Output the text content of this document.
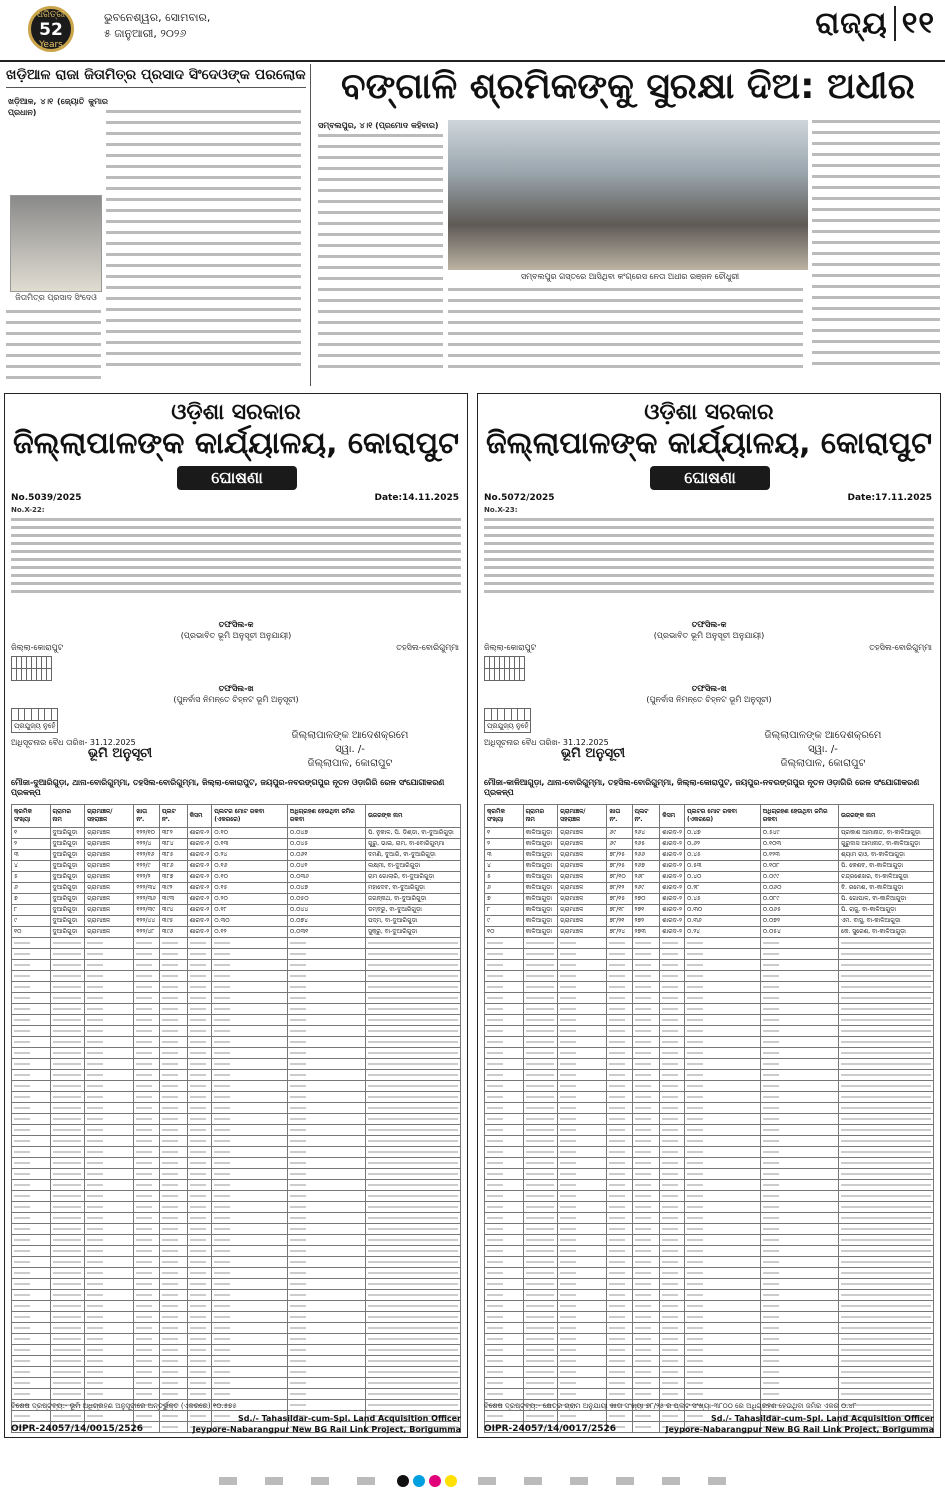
ଧରିତ୍ରୀ
52
Years
ଭୁବନେଶ୍ୱର, ସୋମବାର,
୫ ଜାନୁଆରୀ, ୨୦୨୬	ରାଜ୍ୟ ୧୧
ଖଡ଼ିଆଳ ରାଜା ଜିତାମିତ୍ର ପ୍ରସାଦ ସିଂଦେଓଙ୍କ ପରଲୋକ
ଖଡ଼ିଆଳ, ୪।୧ (ଜ୍ୟୋତି କୁମାର ପ୍ରଧାନ)
ଜିତାମିତ୍ର ପ୍ରସାଦ ସିଂଦେଓ
ବଙ୍ଗାଳି ଶ୍ରମିକଙ୍କୁ ସୁରକ୍ଷା ଦିଅ: ଅଧୀର
ସମ୍ବଲପୁର, ୪।୧ (ପ୍ରମୋଦ କହିବାର)
ସମ୍ବଲପୁର ଗସ୍ତରେ ଆସିଥିବା କଂଗ୍ରେସ ନେତା ଅଧୀର ରଞ୍ଜନ ଚୌଧୁରୀ
ଓଡ଼ିଶା ସରକାର
ଜିଲ୍ଲାପାଳଙ୍କ କାର୍ଯ୍ୟାଳୟ, କୋରାପୁଟ
ଘୋଷଣା
No.5039/2025	Date:14.11.2025
No.X-22:
ତଫସିଲ-କ
(ପ୍ରଭାବିତ ଭୂମି ଅନୁସୂଚୀ ଅନୁଯାୟୀ)
ଜିଲ୍ଲା-କୋରାପୁଟ	ତହସିଲ-ବୋରିଗୁମ୍ମା

ତଫସିଲ-ଖ
(ପୁନର୍ବାସ ନିମନ୍ତେ ଚିହ୍ନଟ ଭୂମି ଅନୁସୂଚୀ)

ପ୍ରଯୁଜ୍ୟ ନୁହେଁ
ଅଧିସୂଚନାର ବୈଧ ତାରିଖ- 31.12.2025
ଜିଲ୍ଲାପାଳଙ୍କ ଆଦେଶକ୍ରମେ
ସ୍ୱା. /-
ଜିଲ୍ଲାପାଳ, କୋରାପୁଟ
ଭୂମି ଅନୁସୂଚୀ
ମୌଜା-ଦୁଆରିଗୁଡ଼ା, ଥାନା-ବୋରିଗୁମ୍ମା, ତହସିଲ-ବୋରିଗୁମ୍ମା, ଜିଲ୍ଲା-କୋରାପୁଟ, ଜୟପୁର-ନବରଙ୍ଗପୁର ନୂତନ ଓଡ଼ାଗିରି ରେଳ ସଂଯୋଗୀକରଣ ପ୍ରକଳ୍ପ
କ୍ରମିକ ସଂଖ୍ୟା	ଗ୍ରାମର ନାମ	ଗ୍ରାମାଞ୍ଚଳ/ ସହରାଞ୍ଚଳ	ଖାତା ନଂ.	ପ୍ଲଟ ନଂ.	କିସମ	ପ୍ଲଟର ମୋଟ ରକବା (ଏକରରେ)	ଅଧିଗ୍ରହଣ ହେଉଥିବା ଜମିର ରକବା	ଉଜରଙ୍କ ନାମ
୧	ଦୁଆରିଗୁଡ଼ା	ଗ୍ରାମାଞ୍ଚଳ	୧୨୨/୧୦	୩୮୨	ଶାରଦ-୨	୦.୧୦	୦.୦୪୭	ପି. ନୁକାଳ, ପି. ଡିଣ୍ଡା, ବା-ଦୁଆରିଗୁଡ଼ା
୨	ଦୁଆରିଗୁଡ଼ା	ଗ୍ରାମାଞ୍ଚଳ	୧୨୨/୪	୩୮୪	ଶାରଦ-୨	୦.୧୩	୦.୦୪୫	ଗୁରୁ, ଭାଇ, ରାମ, ବା-ବୋରିଗୁମ୍ମା
୩	ଦୁଆରିଗୁଡ଼ା	ଗ୍ରାମାଞ୍ଚଳ	୧୨୨/୧୬	୩୮୫	ଶାରଦ-୨	୦.୨୪	୦.୦୬୧	ଦମଣି, ଦୁଆରି, ବା-ଦୁଆରିଗୁଡ଼ା
୪	ଦୁଆରିଗୁଡ଼ା	ଗ୍ରାମାଞ୍ଚଳ	୧୨୨/୯	୩୮୬	ଶାରଦ-୨	୦.୧୬	୦.୦୪୧	ଲକ୍ଷ୍ମୀ, ବା-ଦୁଆରିଗୁଡ଼ା
୫	ଦୁଆରିଗୁଡ଼ା	ଗ୍ରାମାଞ୍ଚଳ	୧୨୨/୨	୩୮୭	ଶାରଦ-୨	୦.୧୦	୦.୦୩୬	ରାମ ଗୋଲାରି, ବା-ଦୁଆରିଗୁଡ଼ା
୬	ଦୁଆରିଗୁଡ଼ା	ଗ୍ରାମାଞ୍ଚଳ	୧୨୨/୩୪	୩୯୨	ଶାରଦ-୨	୦.୧୫	୦.୦୪୭	ମହାଦେବ, ବା-ଦୁଆରିଗୁଡ଼ା
୭	ଦୁଆରିଗୁଡ଼ା	ଗ୍ରାମାଞ୍ଚଳ	୧୨୨/୩୬	୩୯୩	ଶାରଦ-୨	୦.୨୦	୦.୦୫୦	ଜଗନ୍ନାଥ, ବା-ଦୁଆରିଗୁଡ଼ା
୮	ଦୁଆରିଗୁଡ଼ା	ଗ୍ରାମାଞ୍ଚଳ	୧୨୨/୩୯	୩୯୪	ଶାରଦ-୨	୦.୧୮	୦.୦୪୪	ଡମ୍ବରୁ, ବା-ଦୁଆରିଗୁଡ଼ା
୯	ଦୁଆରିଗୁଡ଼ା	ଗ୍ରାମାଞ୍ଚଳ	୧୨୨/୪୪	୩୯୫	ଶାରଦ-୨	୦.୩୦	୦.୦୭୪	ପଦ୍ମ, ବା-ଦୁଆରିଗୁଡ଼ା
୧୦	ଦୁଆରିଗୁଡ଼ା	ଗ୍ରାମାଞ୍ଚଳ	୧୨୨/୪୮	୩୯୬	ଶାରଦ-୨	୦.୧୨	୦.୦୩୧	ସୁକ୍ରୁ, ବା-ଦୁଆରିଗୁଡ଼ା

ବିଶେଷ ଦ୍ରଷ୍ଟବ୍ୟ:- ଭୂମି ଅଧିଗ୍ରହଣ ଅନୁସୂଚୀରେ ଅନ୍ତର୍ଭୁକ୍ତ (ଏକରରେ) ୧୦.୫୭୫
Sd./- Tahasildar-cum-Spl. Land Acquisition Officer
Jeypore-Nabarangpur New BG Rail Link Project, Borigumma
OIPR-24057/14/0015/2526
ଓଡ଼ିଶା ସରକାର
ଜିଲ୍ଲାପାଳଙ୍କ କାର୍ଯ୍ୟାଳୟ, କୋରାପୁଟ
ଘୋଷଣା
No.5072/2025	Date:17.11.2025
No.X-23:
ତଫସିଲ-କ
(ପ୍ରଭାବିତ ଭୂମି ଅନୁସୂଚୀ ଅନୁଯାୟୀ)
ଜିଲ୍ଲା-କୋରାପୁଟ	ତହସିଲ-ବୋରିଗୁମ୍ମା

ତଫସିଲ-ଖ
(ପୁନର୍ବାସ ନିମନ୍ତେ ଚିହ୍ନଟ ଭୂମି ଅନୁସୂଚୀ)

ପ୍ରଯୁଜ୍ୟ ନୁହେଁ
ଅଧିସୂଚନାର ବୈଧ ତାରିଖ- 31.12.2025
ଜିଲ୍ଲାପାଳଙ୍କ ଆଦେଶକ୍ରମେ
ସ୍ୱା. /-
ଜିଲ୍ଲାପାଳ, କୋରାପୁଟ
ଭୂମି ଅନୁସୂଚୀ
ମୌଜା-କାଳିଆଗୁଡ଼ା, ଥାନା-ବୋରିଗୁମ୍ମା, ତହସିଲ-ବୋରିଗୁମ୍ମା, ଜିଲ୍ଲା-କୋରାପୁଟ, ଜୟପୁର-ନବରଙ୍ଗପୁର ନୂତନ ଓଡ଼ାଗିରି ରେଳ ସଂଯୋଗୀକରଣ ପ୍ରକଳ୍ପ
କ୍ରମିକ ସଂଖ୍ୟା	ଗ୍ରାମର ନାମ	ଗ୍ରାମାଞ୍ଚଳ/ ସହରାଞ୍ଚଳ	ଖାତା ନଂ.	ପ୍ଲଟ ନଂ.	କିସମ	ପ୍ଲଟର ମୋଟ ରକବା (ଏକରରେ)	ଅଧିଗ୍ରହଣ ହେଉଥିବା ଜମିର ରକବା	ଉଜରଙ୍କ ନାମ
୧	କାଳିଆଗୁଡ଼ା	ଗ୍ରାମାଞ୍ଚଳ	୬୯	୨୬୪	ଶାରଦ-୨	୦.୪୭	୦.୫୪୯	ପ୍ରକାଶ ଆମାନାତ, ବା-କାଳିଆଗୁଡ଼ା
୨	କାଳିଆଗୁଡ଼ା	ଗ୍ରାମାଞ୍ଚଳ	୬୯	୨୬୫	ଶାରଦ-୨	୦.୬୨	୦.୧୦୩	ଗୁରୁଦାସ ଆମାନାତ, ବା-କାଳିଆଗୁଡ଼ା
୩	କାଳିଆଗୁଡ଼ା	ଗ୍ରାମାଞ୍ଚଳ	୭୮/୨୫	୨୬୬	ଶାରଦ-୨	୦.୪୫	୦.୧୨୩	ଶ୍ୟାମ ରାଓ, ବା-କାଳିଆଗୁଡ଼ା
୪	କାଳିଆଗୁଡ଼ା	ଗ୍ରାମାଞ୍ଚଳ	୭୮/୨୫	୨୬୭	ଶାରଦ-୨	୦.୫୩	୦.୧୦୮	ପି. କେଶବ, ବା-କାଳିଆଗୁଡ଼ା
୫	କାଳିଆଗୁଡ଼ା	ଗ୍ରାମାଞ୍ଚଳ	୭୮/୧୦	୨୬୮	ଶାରଦ-୨	୦.୪୦	୦.୦୯୯	ଚନ୍ଦ୍ରଶେଖର, ବା-କାଳିଆଗୁଡ଼ା
୬	କାଳିଆଗୁଡ଼ା	ଗ୍ରାମାଞ୍ଚଳ	୭୮/୧୨	୨୬୯	ଶାରଦ-୨	୦.୨୮	୦.୦୬୦	ବି. ରମେଶ, ବା-କାଳିଆଗୁଡ଼ା
୭	କାଳିଆଗୁଡ଼ା	ଗ୍ରାମାଞ୍ଚଳ	୭୮/୧୫	୨୭୦	ଶାରଦ-୨	୦.୪୫	୦.୦୮୯	ପି. ଗୋପାଳ, ବା-କାଳିଆଗୁଡ଼ା
୮	କାଳିଆଗୁଡ଼ା	ଗ୍ରାମାଞ୍ଚଳ	୭୮/୧୮	୨୭୧	ଶାରଦ-୨	୦.୩୦	୦.୦୬୫	ପି. ରାଜୁ, ବା-କାଳିଆଗୁଡ଼ା
୯	କାଳିଆଗୁଡ଼ା	ଗ୍ରାମାଞ୍ଚଳ	୭୮/୨୧	୨୭୨	ଶାରଦ-୨	୦.୩୬	୦.୦୭୨	ଏମ. ବାସୁ, ବା-କାଳିଆଗୁଡ଼ା
୧୦	କାଳିଆଗୁଡ଼ା	ଗ୍ରାମାଞ୍ଚଳ	୭୮/୨୪	୨୭୩	ଶାରଦ-୨	୦.୨୪	୦.୦୫୪	କେ. ସୁରେଶ, ବା-କାଳିଆଗୁଡ଼ା

ବିଶେଷ ଦ୍ରଷ୍ଟବ୍ୟ:- କ୍ଷେତ୍ର ଗ୍ରାମ ଅନୁଯାୟୀ ଖାତା ସଂଖ୍ୟା ୭୮/୨୫ ର ପ୍ଲଟ ସଂଖ୍ୟା-୩୮୦୦ ରେ ଅଧିଗ୍ରହଣ ହେଉଥିବା ଜମିର ଏକର ୦.୪୮
Sd./- Tahasildar-cum-Spl. Land Acquisition Officer
Jeypore-Nabarangpur New BG Rail Link Project, Borigumma
OIPR-24057/14/0017/2526
